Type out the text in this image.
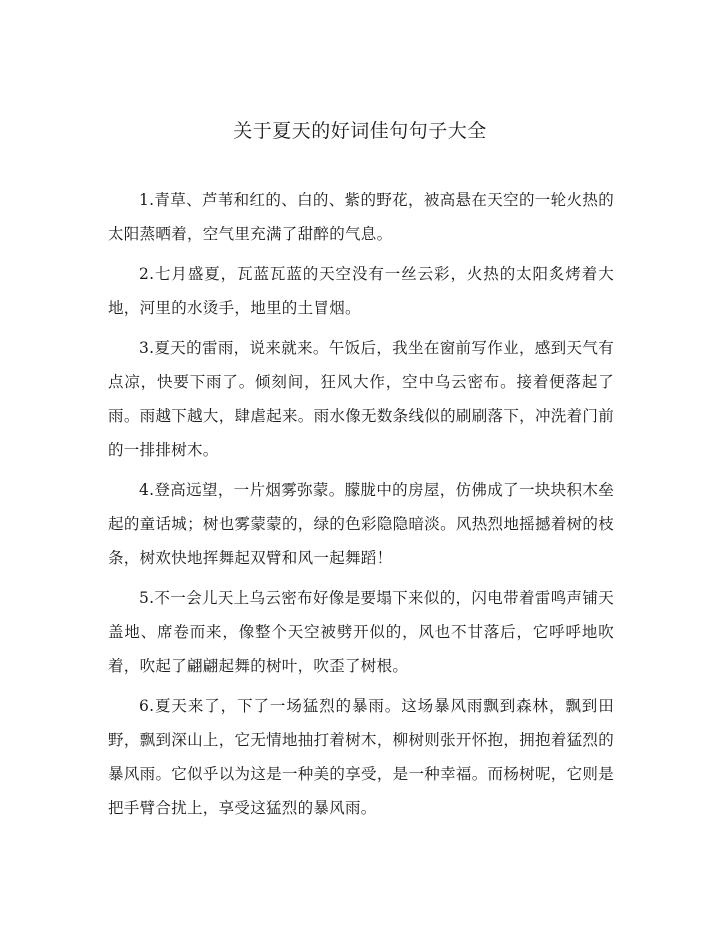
关于夏天的好词佳句句子大全

1.青草、芦苇和红的、白的、紫的野花，被高悬在天空的一轮火热的太阳蒸晒着，空气里充满了甜醉的气息。

2.七月盛夏，瓦蓝瓦蓝的天空没有一丝云彩，火热的太阳炙烤着大地，河里的水烫手，地里的土冒烟。

3.夏天的雷雨，说来就来。午饭后，我坐在窗前写作业，感到天气有点凉，快要下雨了。倾刻间，狂风大作，空中乌云密布。接着便落起了雨。雨越下越大，肆虐起来。雨水像无数条线似的刷刷落下，冲洗着门前的一排排树木。

4.登高远望，一片烟雾弥蒙。朦胧中的房屋，仿佛成了一块块积木垒起的童话城；树也雾蒙蒙的，绿的色彩隐隐暗淡。风热烈地摇撼着树的枝条，树欢快地挥舞起双臂和风一起舞蹈！

5.不一会儿天上乌云密布好像是要塌下来似的，闪电带着雷鸣声铺天盖地、席卷而来，像整个天空被劈开似的，风也不甘落后，它呼呼地吹着，吹起了翩翩起舞的树叶，吹歪了树根。

6.夏天来了，下了一场猛烈的暴雨。这场暴风雨飘到森林，飘到田野，飘到深山上，它无情地抽打着树木，柳树则张开怀抱，拥抱着猛烈的暴风雨。它似乎以为这是一种美的享受，是一种幸福。而杨树呢，它则是把手臂合扰上，享受这猛烈的暴风雨。
